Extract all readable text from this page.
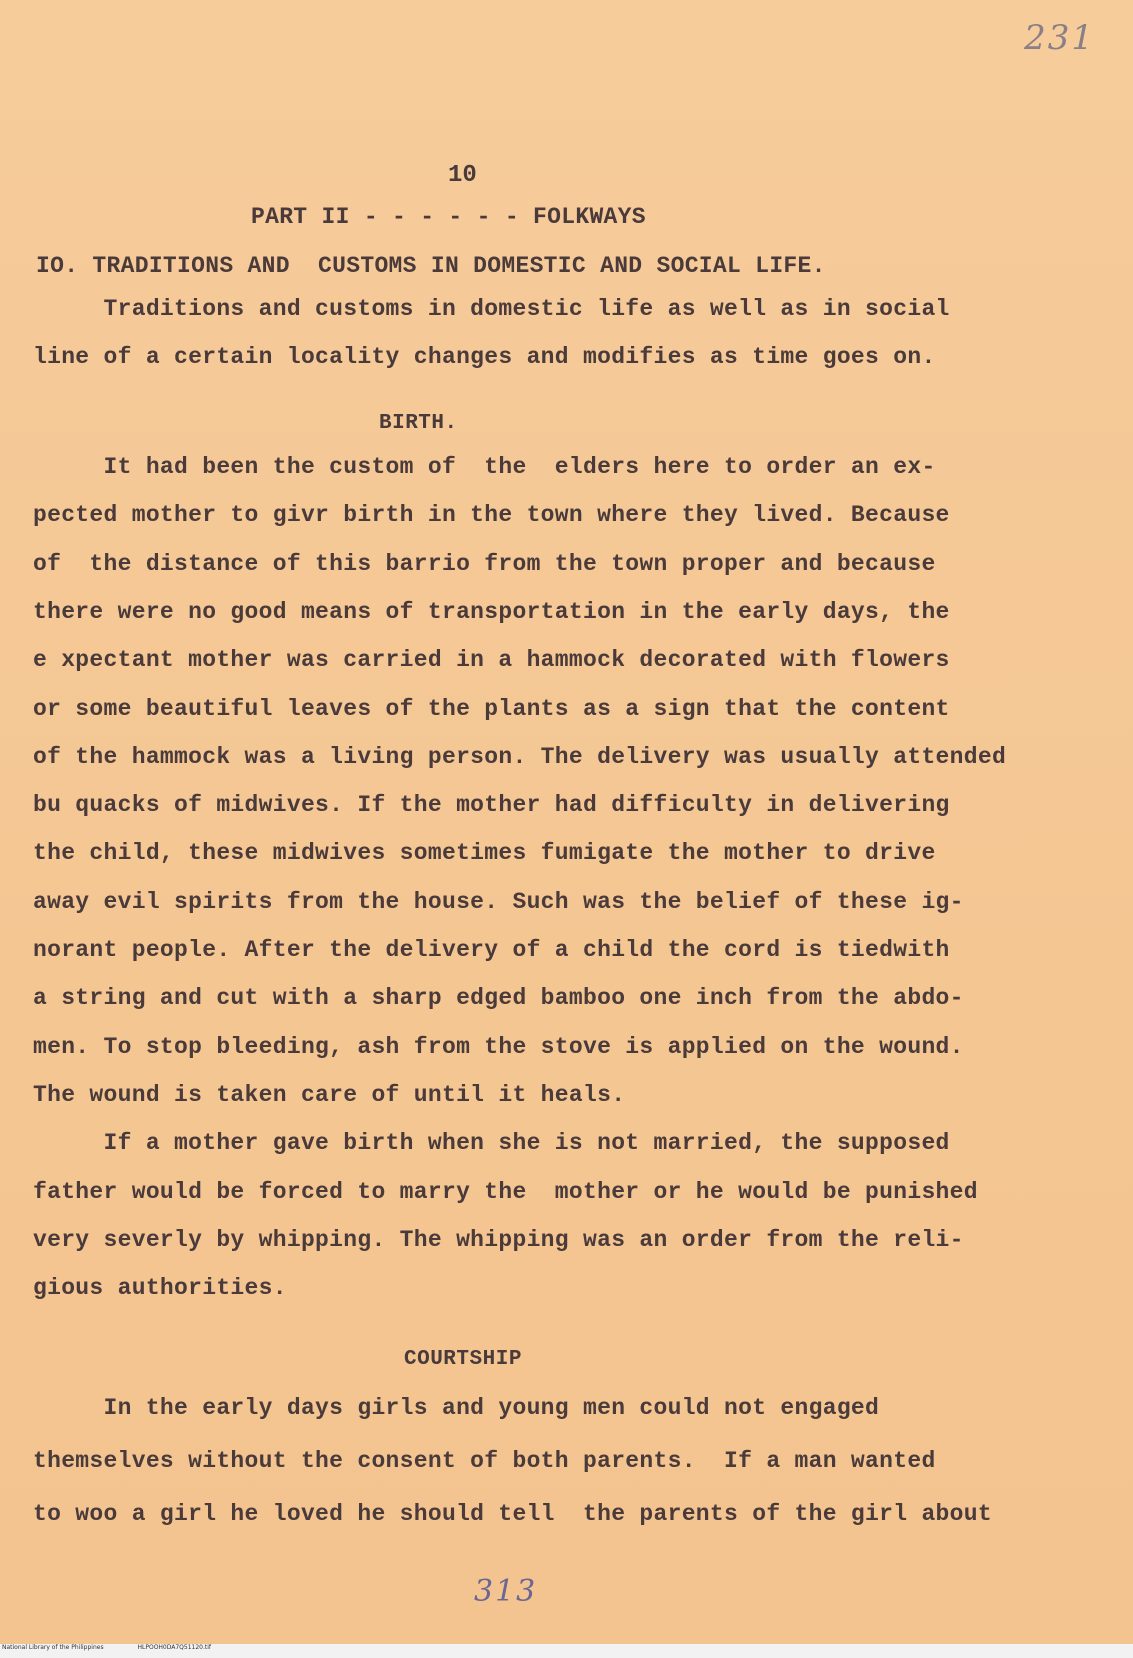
231
10
PART II - - - - - - FOLKWAYS
IO. TRADITIONS AND  CUSTOMS IN DOMESTIC AND SOCIAL LIFE.
Traditions and customs in domestic life as well as in social
line of a certain locality changes and modifies as time goes on.
BIRTH.
It had been the custom of  the  elders here to order an ex-
pected mother to givr birth in the town where they lived. Because
of  the distance of this barrio from the town proper and because
there were no good means of transportation in the early days, the
e xpectant mother was carried in a hammock decorated with flowers
or some beautiful leaves of the plants as a sign that the content
of the hammock was a living person. The delivery was usually attended
bu quacks of midwives. If the mother had difficulty in delivering
the child, these midwives sometimes fumigate the mother to drive
away evil spirits from the house. Such was the belief of these ig-
norant people. After the delivery of a child the cord is tiedwith
a string and cut with a sharp edged bamboo one inch from the abdo-
men. To stop bleeding, ash from the stove is applied on the wound.
The wound is taken care of until it heals.
If a mother gave birth when she is not married, the supposed
father would be forced to marry the  mother or he would be punished
very severly by whipping. The whipping was an order from the reli-
gious authorities.
COURTSHIP
In the early days girls and young men could not engaged
themselves without the consent of both parents.  If a man wanted
to woo a girl he loved he should tell  the parents of the girl about
313
National Library of the Philippines	HLPOOH0DA7Q51120.tif
